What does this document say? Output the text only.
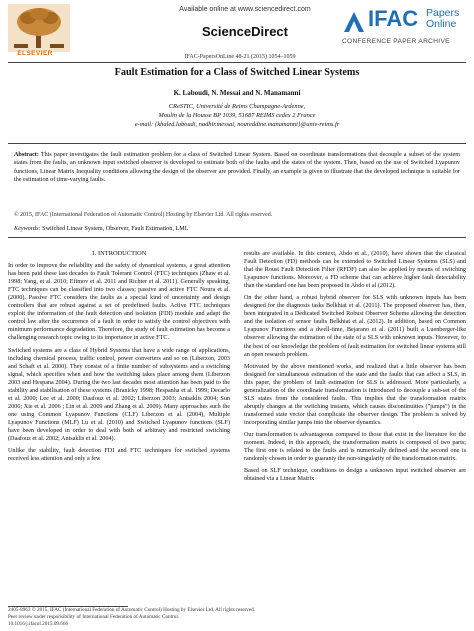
ELSEVIER
Available online at www.sciencedirect.com
ScienceDirect
IFAC Papers
Online
CONFERENCE PAPER ARCHIVE
IFAC-PapersOnLine 48-21 (2015) 1054–1059
Fault Estimation for a Class of Switched Linear Systems
K. Laboudi, N. Messai and N. Manamanni
CReSTIC, Université de Reims Champagne-Ardenne,
Moulin de la Housse BP 1039, 51687 REIMS cedex 2 France
e-mail: {khaled.laboudi, nadhir.messai, noureddine.manamanni}@univ-reims.fr
Abstract: This paper investigates the fault estimation problem for a class of Switched Linear System. Based on coordinate transformations that decouple a subset of the system states from the faults, an unknown input switched observer is developed to estimate both of the faults and the states of the system. Then, based on the use of Switched Lyapunov functions, Linear Matrix Inequality conditions allowing the design of the observer are provided. Finally, an example is given to illustrate that the developed technique is suitable for the estimation of time-varying faults.
© 2015, IFAC (International Federation of Automatic Control) Hosting by Elsevier Ltd. All rights reserved.
Keywords: Switched Linear System, Observer, Fault Estimation, LMI.

1. INTRODUCTION

In order to improve the reliability and the safety of dynamical systems, a great attention has been paid these last decades to Fault Tolerant Control (FTC) techniques (Zhaw et al. 1998; Yang, et al. 2010; Efimov et al. 2011 and Richter et al. 2011). Generally speaking, FTC techniques can be classified into two classes; passive and active FTC Noura et al. (2000). Passive FTC considers the faults as a special kind of uncertainty and design controllers that are robust against a set of predefined faults. Active FTC techniques exploit the information of the fault detection and isolation (FDI) module and adapt the control law after the occurrence of a fault in order to satisfy the control objectives with minimum performance degradation. Therefore, the study of fault estimation has become a challenging research topic owing to its importance in active FTC.

Switched systems are a class of Hybrid Systems that have a wide range of applications, including chemical process, traffic control, power converters and so on (Liberzon, 2003 and Schaft et al. 2000). They consist of a finite number of subsystems and a switching signal, which specifies when and how the switching takes place among them (Liberzon 2003 and Hespana 2004). During the two last decades most attention has been paid to the stability and stabilisation of these systems (Branicky 1998; Hespanha et al. 1999; Decarlo et al. 2000; Lee et al. 2000; Daafouz et al. 2002; Liberzon 2003; Antsaklis 2004; Sun 2006; Xie et al. 2006 ; Lin et al. 2009 and Zhang et al. 2009). Many approaches such the one using Common Lyapunov Functions (CLF) Liberzon et al. (2004), Multiple Lyapunov Functions (MLF) Lu et al. (2010) and Switched Lyapunov functions (SLF) have been developed in order to deal with both of arbitrary and restricted switching (Daafouz et al. 2002; Antsaklis et al. 2004).

Unlike the stability, fault detection FDI and FTC techniques for switched systems received less attention and only a few

results are available. In this context, Abdo et al., (2010), have shown that the classical Fault Detection (FD) methods can be extended to Switched Linear Systems (SLS) and that the Roust Fault Detection Filter (RFDF) can also be applied by means of switching Lyapunov functions. Moreover, a FD scheme that can achieve higher fault detectability than the standard one has been proposed in Abdo et al (2012).

On the other hand, a robust hybrid observer for SLS with unknown inputs has been designed for the diagnosis tasks Belkhiat et al. (2011). The proposed observer has, then, been integrated in a Dedicated Switched Robust Observer Scheme allowing the detection and the isolation of sensor faults Belkhiat et al. (2012). In addition, based on Common Lyapunov Functions and a dwell-time, Bejarano et al. (2011) built a Luenberger-like observer allowing the estimation of the state of a SLS with unknown inputs. However, to the best of our knowledge the problem of fault estimation for switched linear systems still an open research problem.

Motivated by the above mentioned works, and realized that a little observer has been designed for simultaneous estimation of the state and the faults that can affect a SLS, in this paper, the problem of fault estimation for SLS is addressed. More particularly, a generalization of the coordinate transformation is introduced to decouple a sub-set of the SLS states from the considered faults. This implies that the transformation matrix abruptly changes at the switching instants, which causes discontinuities ("jumps") in the transformed state vector that complicate the observer design. The problem is solved by incorporating similar jumps into the observer dynamics.

Our transformation is advantageous compared to those that exist in the literature for the moment. Indeed, in this approach, the transformation matrix is composed of two parts; The first one is related to the faults and is numerically defined and the second one is randomly chosen in order to guaranty the non-singularity of the transformation matrix.

Based on SLF technique, conditions to design a unknown input switched observer are obtained via a Linear Matrix

2405-8963 © 2015, IFAC (International Federation of Automatic Control) Hosting by Elsevier Ltd. All rights reserved.
Peer review under responsibility of International Federation of Automatic Control.
10.1016/j.ifacol.2015.09.666
